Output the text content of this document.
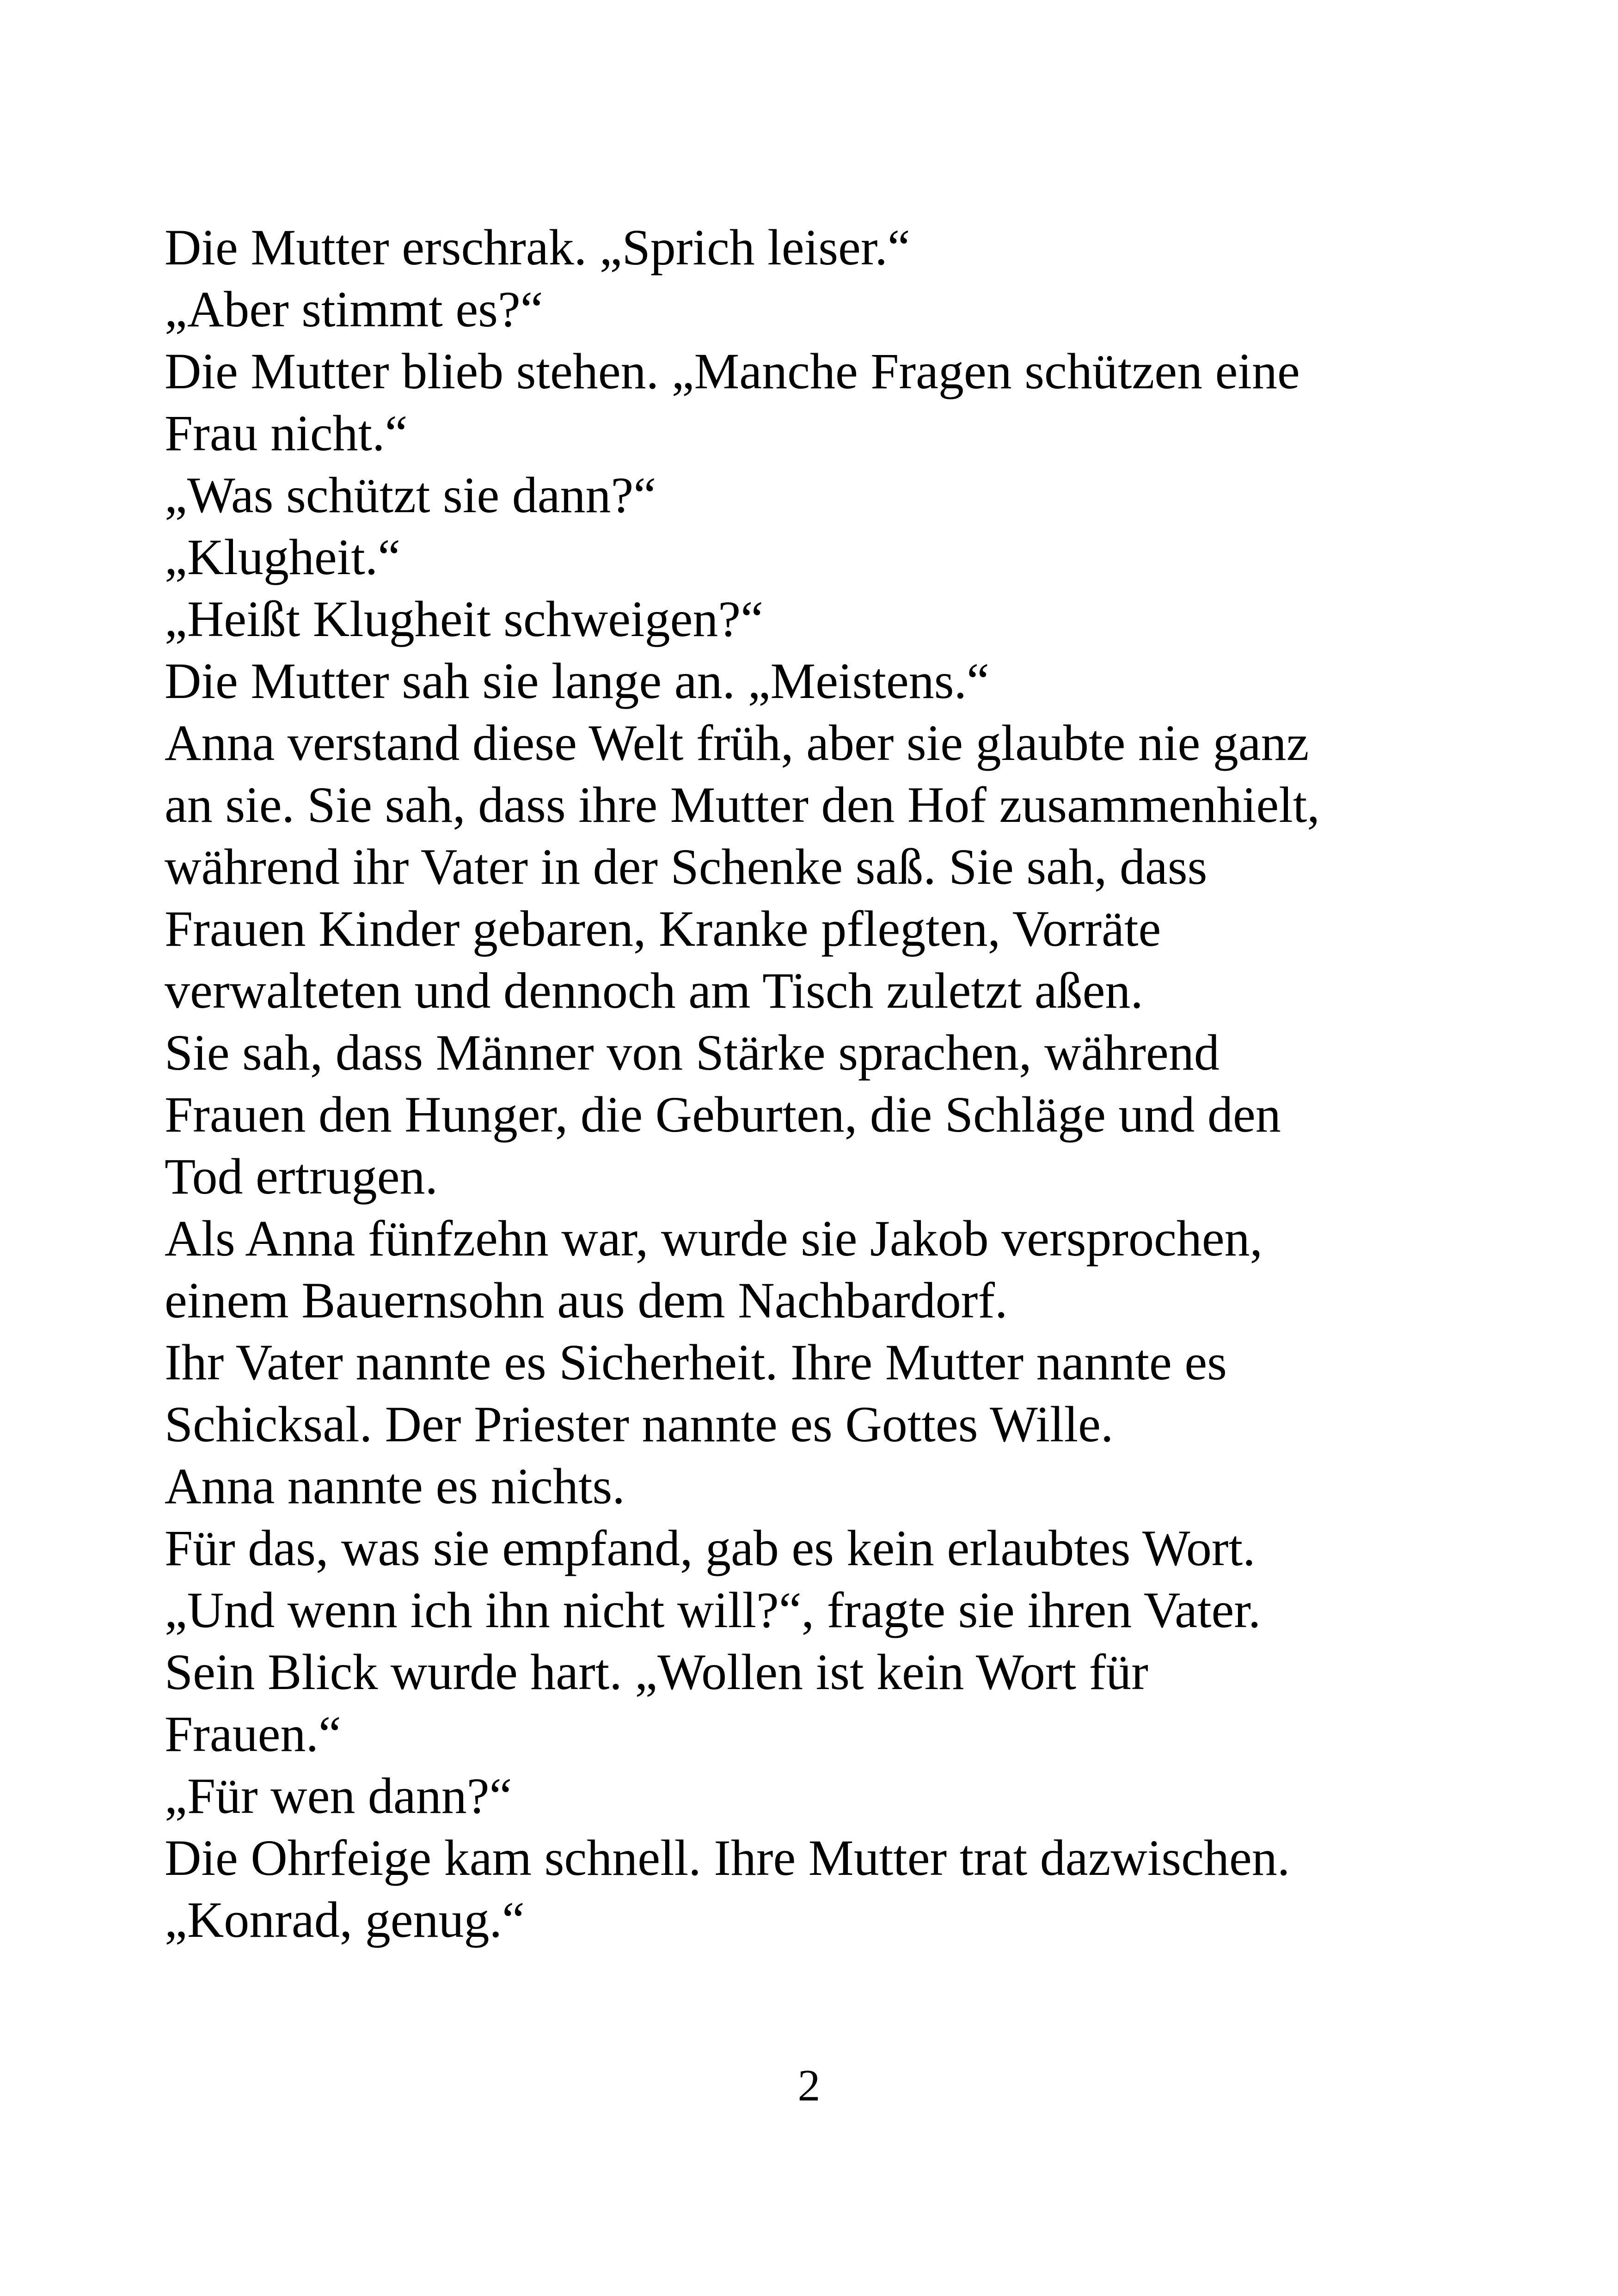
Die Mutter erschrak. „Sprich leiser.“
„Aber stimmt es?“
Die Mutter blieb stehen. „Manche Fragen schützen eine
Frau nicht.“
„Was schützt sie dann?“
„Klugheit.“
„Heißt Klugheit schweigen?“
Die Mutter sah sie lange an. „Meistens.“
Anna verstand diese Welt früh, aber sie glaubte nie ganz
an sie. Sie sah, dass ihre Mutter den Hof zusammenhielt,
während ihr Vater in der Schenke saß. Sie sah, dass
Frauen Kinder gebaren, Kranke pflegten, Vorräte
verwalteten und dennoch am Tisch zuletzt aßen.
Sie sah, dass Männer von Stärke sprachen, während
Frauen den Hunger, die Geburten, die Schläge und den
Tod ertrugen.
Als Anna fünfzehn war, wurde sie Jakob versprochen,
einem Bauernsohn aus dem Nachbardorf.
Ihr Vater nannte es Sicherheit. Ihre Mutter nannte es
Schicksal. Der Priester nannte es Gottes Wille.
Anna nannte es nichts.
Für das, was sie empfand, gab es kein erlaubtes Wort.
„Und wenn ich ihn nicht will?“, fragte sie ihren Vater.
Sein Blick wurde hart. „Wollen ist kein Wort für
Frauen.“
„Für wen dann?“
Die Ohrfeige kam schnell. Ihre Mutter trat dazwischen.
„Konrad, genug.“
2
